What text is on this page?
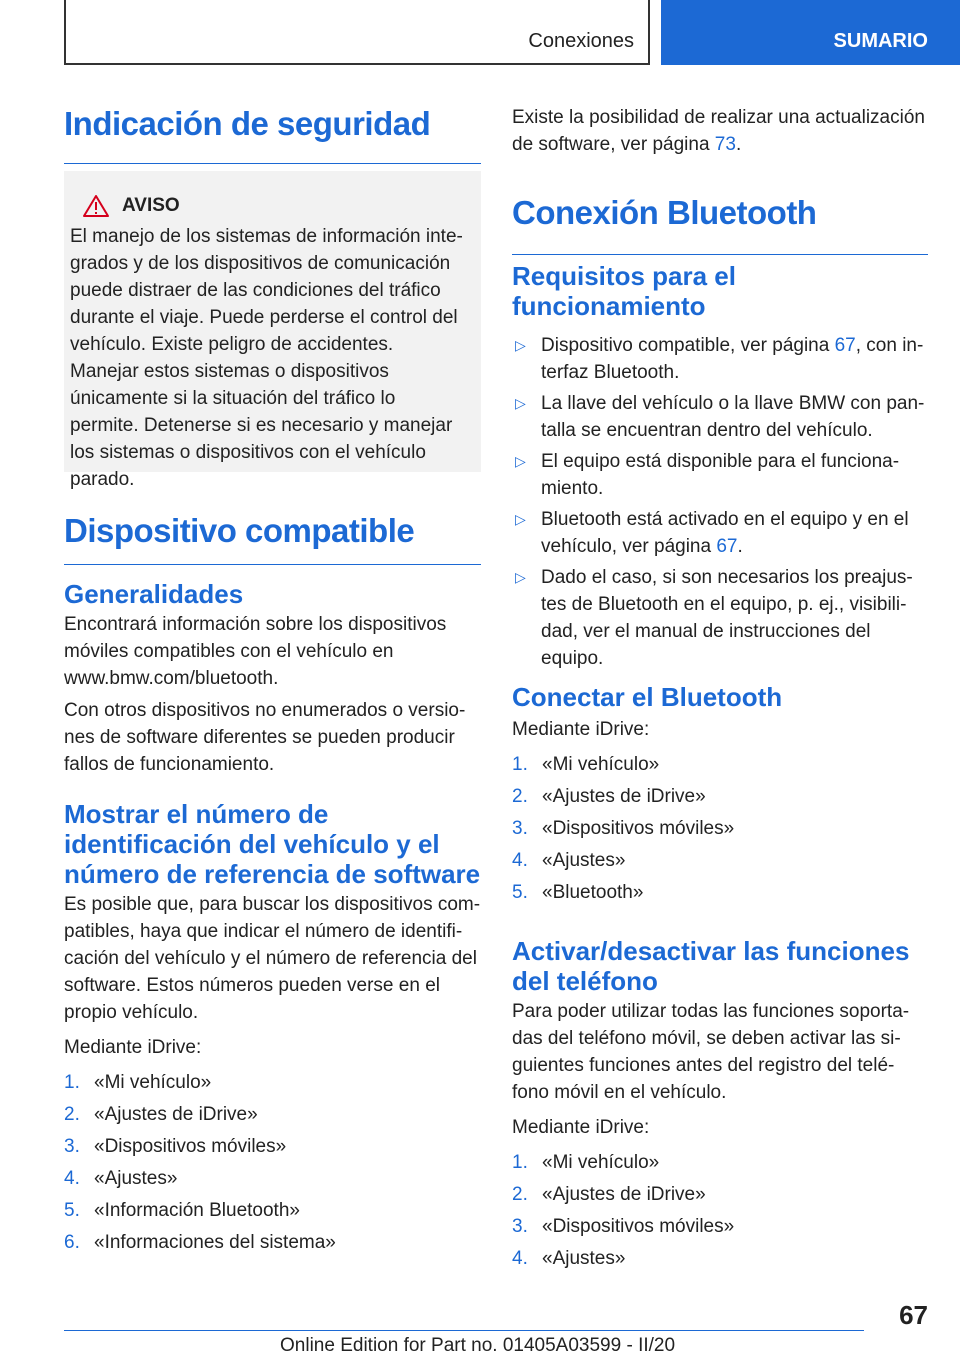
Conexiones	SUMARIO
Indicación de seguridad
AVISO
El manejo de los sistemas de información inte-grados y de los dispositivos de comunicación puede distraer de las condiciones del tráfico durante el viaje. Puede perderse el control del vehículo. Existe peligro de accidentes. Manejar estos sistemas o dispositivos únicamente si la situación del tráfico lo permite. Detenerse si es necesario y manejar los sistemas o dispositivos con el vehículo parado.
Dispositivo compatible
Generalidades
Encontrará información sobre los dispositivos móviles compatibles con el vehículo en www.bmw.com/bluetooth.
Con otros dispositivos no enumerados o versio-nes de software diferentes se pueden producir fallos de funcionamiento.
Mostrar el número de identificación del vehículo y el número de referencia de software
Es posible que, para buscar los dispositivos com-patibles, haya que indicar el número de identifi-cación del vehículo y el número de referencia del software. Estos números pueden verse en el propio vehículo.
Mediante iDrive:
1. «Mi vehículo»
2. «Ajustes de iDrive»
3. «Dispositivos móviles»
4. «Ajustes»
5. «Información Bluetooth»
6. «Informaciones del sistema»
Existe la posibilidad de realizar una actualización de software, ver página 73.
Conexión Bluetooth
Requisitos para el funcionamiento
▷ Dispositivo compatible, ver página 67, con in-terfaz Bluetooth.
▷ La llave del vehículo o la llave BMW con pan-talla se encuentran dentro del vehículo.
▷ El equipo está disponible para el funciona-miento.
▷ Bluetooth está activado en el equipo y en el vehículo, ver página 67.
▷ Dado el caso, si son necesarios los preajus-tes de Bluetooth en el equipo, p. ej., visibili-dad, ver el manual de instrucciones del equipo.
Conectar el Bluetooth
Mediante iDrive:
1. «Mi vehículo»
2. «Ajustes de iDrive»
3. «Dispositivos móviles»
4. «Ajustes»
5. «Bluetooth»
Activar/desactivar las funciones del teléfono
Para poder utilizar todas las funciones soporta-das del teléfono móvil, se deben activar las si-guientes funciones antes del registro del telé-fono móvil en el vehículo.
Mediante iDrive:
1. «Mi vehículo»
2. «Ajustes de iDrive»
3. «Dispositivos móviles»
4. «Ajustes»
67
Online Edition for Part no. 01405A03599 - II/20
